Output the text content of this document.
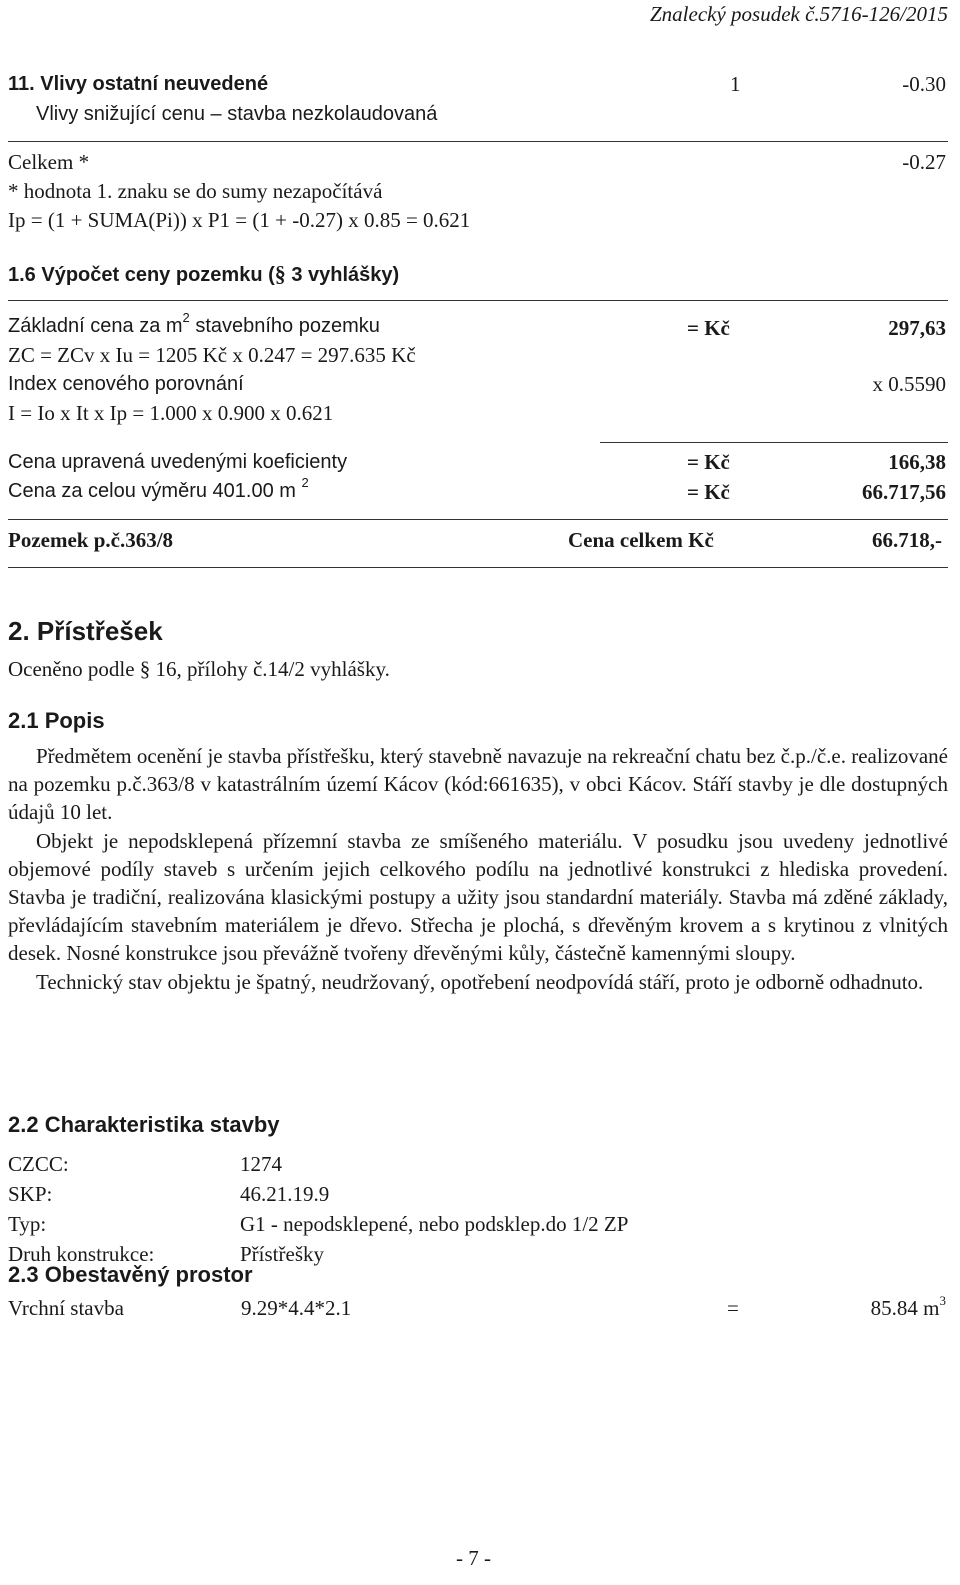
Znalecký posudek č.5716-126/2015
11. Vlivy ostatní neuvedené	1	-0.30
Vlivy snižující cenu – stavba nezkolaudovaná
Celkem *	-0.27
* hodnota 1. znaku se do sumy nezapočítává
Ip = (1 + SUMA(Pi)) x P1 = (1 + -0.27) x 0.85 = 0.621
1.6 Výpočet ceny pozemku (§ 3 vyhlášky)
Základní cena za $m^2$ stavebního pozemku	= Kč	297,63
ZC = ZCv x Iu = 1205 Kč x 0.247 = 297.635 Kč
Index cenového porovnání	x 0.5590
I = Io x It x Ip = 1.000 x 0.900 x 0.621
Cena upravená uvedenými koeficienty	= Kč	166,38
Cena za celou výměru 401.00 m $^2$	= Kč	66.717,56
Pozemek p.č.363/8	Cena celkem Kč	66.718,-
2. Přístřešek
Oceněno podle § 16, přílohy č.14/2 vyhlášky.
2.1 Popis

Předmětem ocenění je stavba přístřešku, který stavebně navazuje na rekreační chatu bez č.p./č.e. realizované na pozemku p.č.363/8 v katastrálním území Kácov (kód:661635), v obci Kácov. Stáří stavby je dle dostupných údajů 10 let.

Objekt je nepodsklepená přízemní stavba ze smíšeného materiálu. V posudku jsou uvedeny jednotlivé objemové podíly staveb s určením jejich celkového podílu na jednotlivé konstrukci z hlediska provedení. Stavba je tradiční, realizována klasickými postupy a užity jsou standardní materiály. Stavba má zděné základy, převládajícím stavebním materiálem je dřevo. Střecha je plochá, s dřevěným krovem a s krytinou z vlnitých desek. Nosné konstrukce jsou převážně tvořeny dřevěnými kůly, částečně kamennými sloupy.

Technický stav objektu je špatný, neudržovaný, opotřebení neodpovídá stáří, proto je odborně odhadnuto.

2.2 Charakteristika stavby
CZCC:	1274
SKP:	46.21.19.9
Typ:	G1 - nepodsklepené, nebo podsklep.do 1/2 ZP
Druh konstrukce:	Přístřešky
2.3 Obestavěný prostor
Vrchní stavba	9.29*4.4*2.1	=	85.84 $m^3$
- 7 -
